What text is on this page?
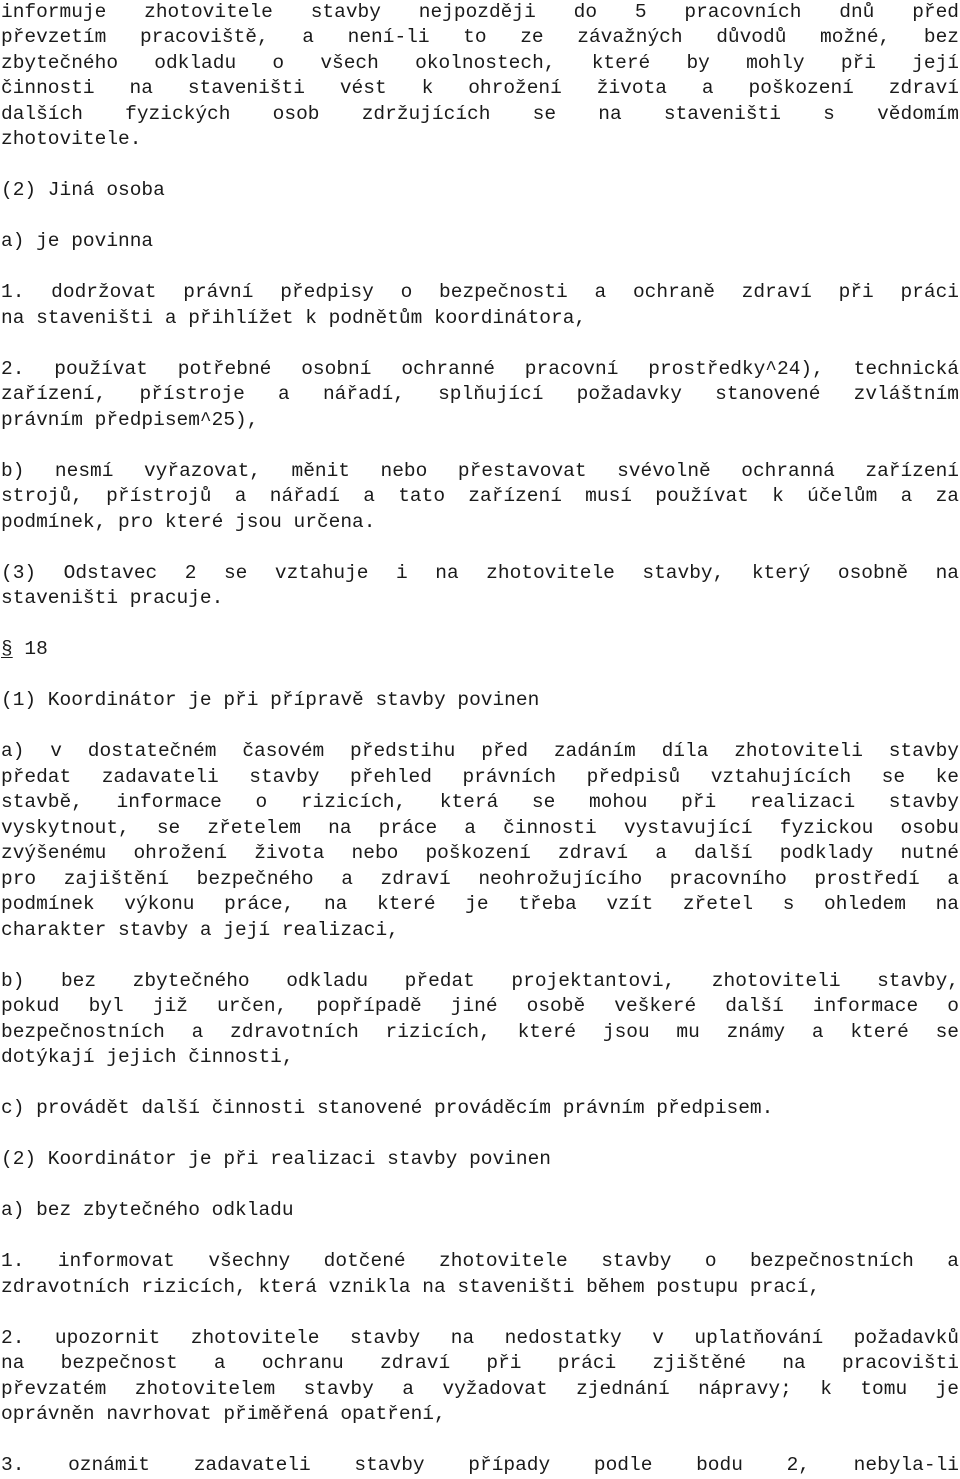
informuje zhotovitele stavby nejpozději do 5 pracovních dnů před

převzetím pracoviště, a není-li to ze závažných důvodů možné, bez

zbytečného odkladu o všech okolnostech, které by mohly při její

činnosti na staveništi vést k ohrožení života a poškození zdraví

dalších fyzických osob zdržujících se na staveništi s vědomím

zhotovitele.

(2) Jiná osoba

a) je povinna

1. dodržovat právní předpisy o bezpečnosti a ochraně zdraví při práci

na staveništi a přihlížet k podnětům koordinátora,

2. používat potřebné osobní ochranné pracovní prostředky^24), technická

zařízení, přístroje a nářadí, splňující požadavky stanovené zvláštním

právním předpisem^25),

b) nesmí vyřazovat, měnit nebo přestavovat svévolně ochranná zařízení

strojů, přístrojů a nářadí a tato zařízení musí používat k účelům a za

podmínek, pro které jsou určena.

(3) Odstavec 2 se vztahuje i na zhotovitele stavby, který osobně na

staveništi pracuje.

§ 18

(1) Koordinátor je při přípravě stavby povinen

a) v dostatečném časovém předstihu před zadáním díla zhotoviteli stavby

předat zadavateli stavby přehled právních předpisů vztahujících se ke

stavbě, informace o rizicích, která se mohou při realizaci stavby

vyskytnout, se zřetelem na práce a činnosti vystavující fyzickou osobu

zvýšenému ohrožení života nebo poškození zdraví a další podklady nutné

pro zajištění bezpečného a zdraví neohrožujícího pracovního prostředí a

podmínek výkonu práce, na které je třeba vzít zřetel s ohledem na

charakter stavby a její realizaci,

b) bez zbytečného odkladu předat projektantovi, zhotoviteli stavby,

pokud byl již určen, popřípadě jiné osobě veškeré další informace o

bezpečnostních a zdravotních rizicích, které jsou mu známy a které se

dotýkají jejich činnosti,

c) provádět další činnosti stanovené prováděcím právním předpisem.

(2) Koordinátor je při realizaci stavby povinen

a) bez zbytečného odkladu

1. informovat všechny dotčené zhotovitele stavby o bezpečnostních a

zdravotních rizicích, která vznikla na staveništi během postupu prací,

2. upozornit zhotovitele stavby na nedostatky v uplatňování požadavků

na bezpečnost a ochranu zdraví při práci zjištěné na pracovišti

převzatém zhotovitelem stavby a vyžadovat zjednání nápravy; k tomu je

oprávněn navrhovat přiměřená opatření,

3. oznámit zadavateli stavby případy podle bodu 2, nebyla-li
